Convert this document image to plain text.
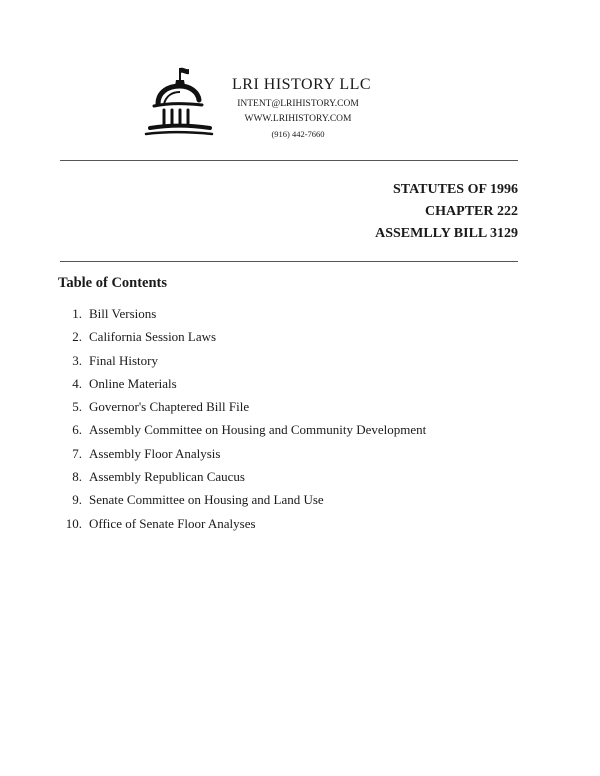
LRI HISTORY LLC
INTENT@LRIHISTORY.COM
WWW.LRIHISTORY.COM
(916) 442-7660
STATUTES OF 1996
CHAPTER 222
ASSEMLLY BILL 3129
Table of Contents
1. Bill Versions
2. California Session Laws
3. Final History
4. Online Materials
5. Governor's Chaptered Bill File
6. Assembly Committee on Housing and Community Development
7. Assembly Floor Analysis
8. Assembly Republican Caucus
9. Senate Committee on Housing and Land Use
10. Office of Senate Floor Analyses
